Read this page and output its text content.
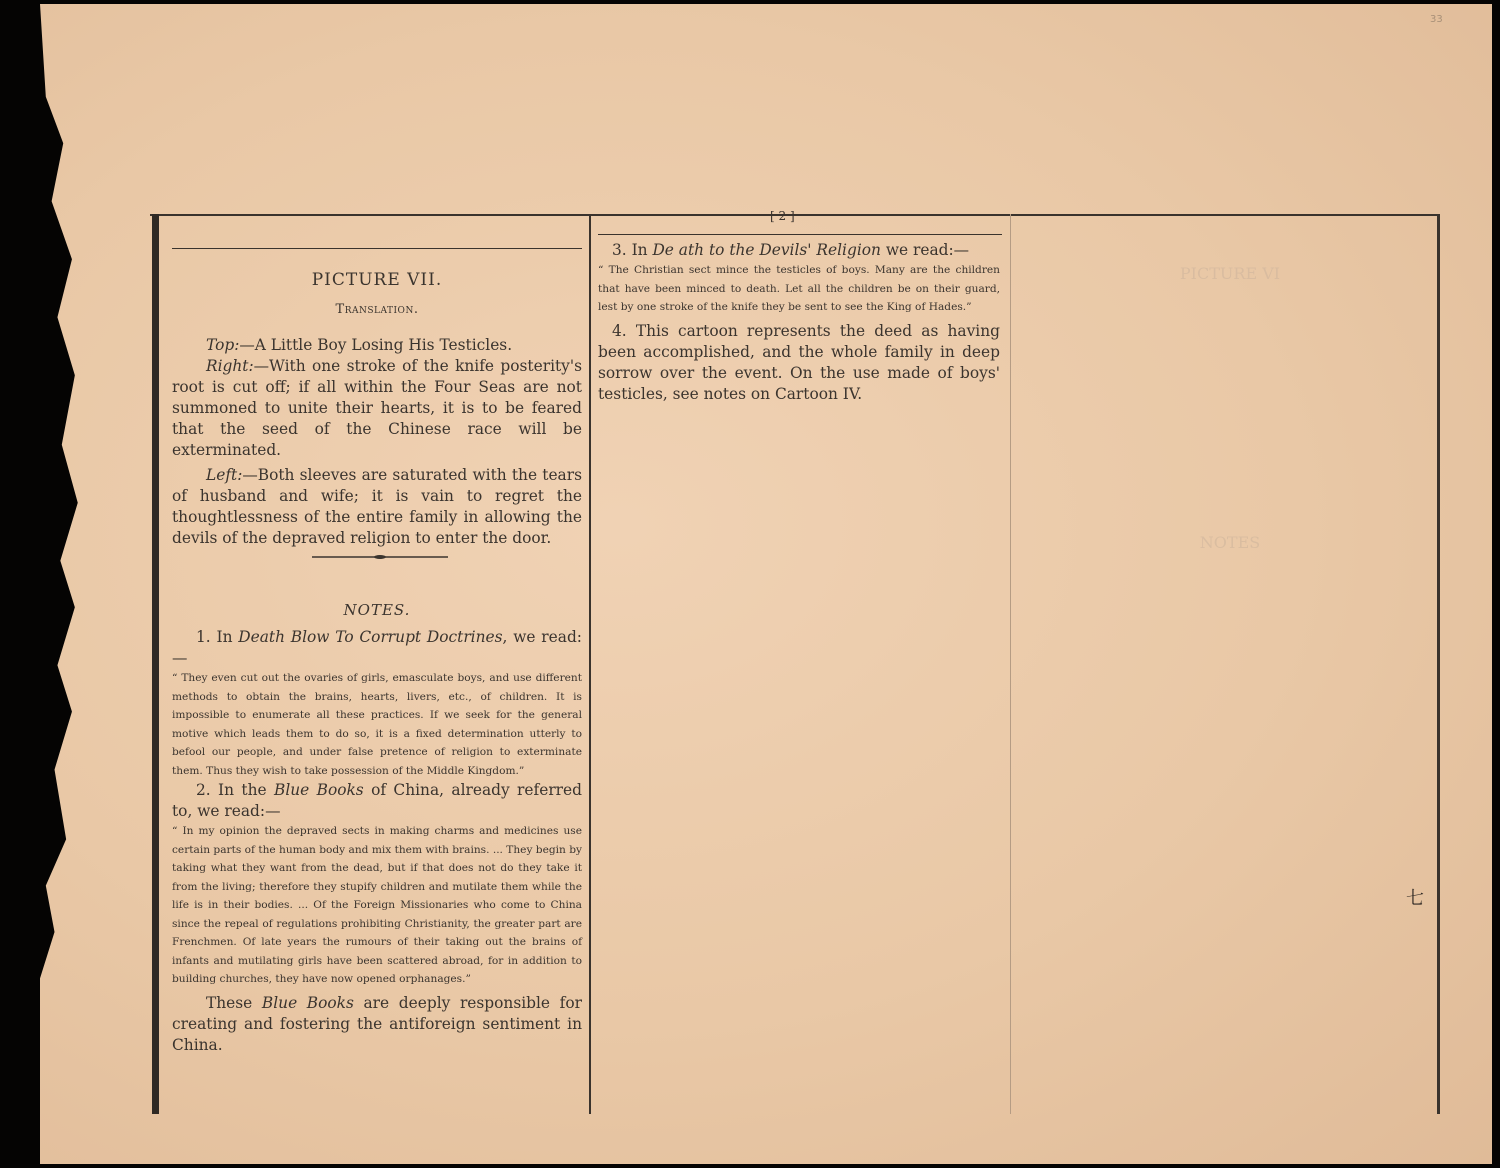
[ 2 ]
33
七

PICTURE VII.

Translation.

Top:—A Little Boy Losing His Testicles.

Right:—With one stroke of the knife posterity's root is cut off; if all within the Four Seas are not summoned to unite their hearts, it is to be feared that the seed of the Chinese race will be exterminated.

Left:—Both sleeves are saturated with the tears of husband and wife; it is vain to regret the thoughtlessness of the entire family in allowing the devils of the depraved religion to enter the door.

NOTES.

1. In Death Blow To Corrupt Doctrines, we read:—

“ They even cut out the ovaries of girls, emasculate boys, and use different methods to obtain the brains, hearts, livers, etc., of children. It is impossible to enumerate all these practices. If we seek for the general motive which leads them to do so, it is a fixed determination utterly to befool our people, and under false pretence of religion to exterminate them. Thus they wish to take possession of the Middle Kingdom.”

2. In the Blue Books of China, already referred to, we read:—

“ In my opinion the depraved sects in making charms and medicines use certain parts of the human body and mix them with brains. ... They begin by taking what they want from the dead, but if that does not do they take it from the living; therefore they stupify children and mutilate them while the life is in their bodies. ... Of the Foreign Missionaries who come to China since the repeal of regulations prohibiting Christianity, the greater part are Frenchmen. Of late years the rumours of their taking out the brains of infants and mutilating girls have been scattered abroad, for in addition to building churches, they have now opened orphanages.”

These Blue Books are deeply responsible for creating and fostering the antiforeign sentiment in China.

3. In De ath to the Devils' Religion we read:—

“ The Christian sect mince the testicles of boys. Many are the children that have been minced to death. Let all the children be on their guard, lest by one stroke of the knife they be sent to see the King of Hades.”

4. This cartoon represents the deed as having been accomplished, and the whole family in deep sorrow over the event. On the use made of boys' testicles, see notes on Cartoon IV.

PICTURE VI

NOTES
